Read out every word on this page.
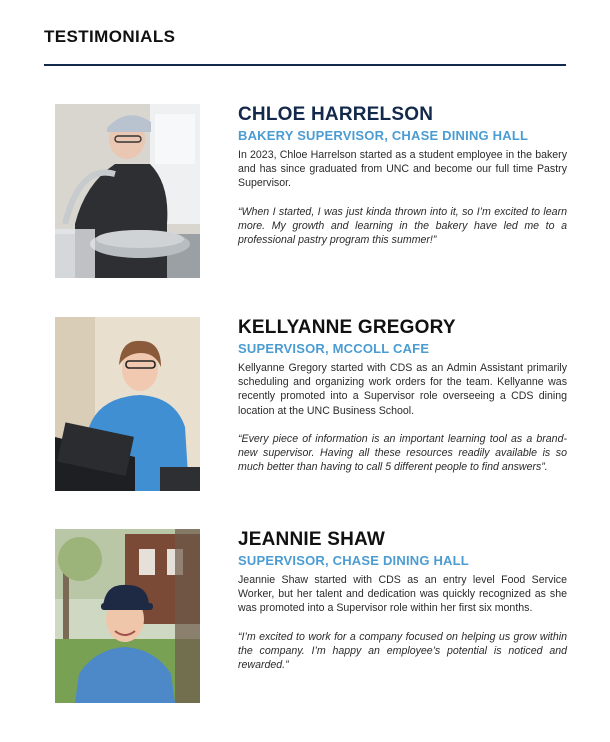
TESTIMONIALS

CHLOE HARRELSON

BAKERY SUPERVISOR, CHASE DINING HALL

In 2023, Chloe Harrelson started as a student employee in the bakery and has since graduated from UNC and become our full time Pastry Supervisor.

“When I started, I was just kinda thrown into it, so I’m excited to learn more. My growth and learning in the bakery have led me to a professional pastry program this summer!”

KELLYANNE GREGORY

SUPERVISOR, MCCOLL CAFE

Kellyanne Gregory started with CDS as an Admin Assistant primarily scheduling and organizing work orders for the team. Kellyanne was recently promoted into a Supervisor role overseeing a CDS dining location at the UNC Business School.

“Every piece of information is an important learning tool as a brand-new supervisor. Having all these resources readily available is so much better than having to call 5 different people to find answers”.

JEANNIE SHAW

SUPERVISOR, CHASE DINING HALL

Jeannie Shaw started with CDS as an entry level Food Service Worker, but her talent and dedication was quickly recognized as she was promoted into a Supervisor role within her first six months.

“I’m excited to work for a company focused on helping us grow within the company. I’m happy an employee’s potential is noticed and rewarded.”
